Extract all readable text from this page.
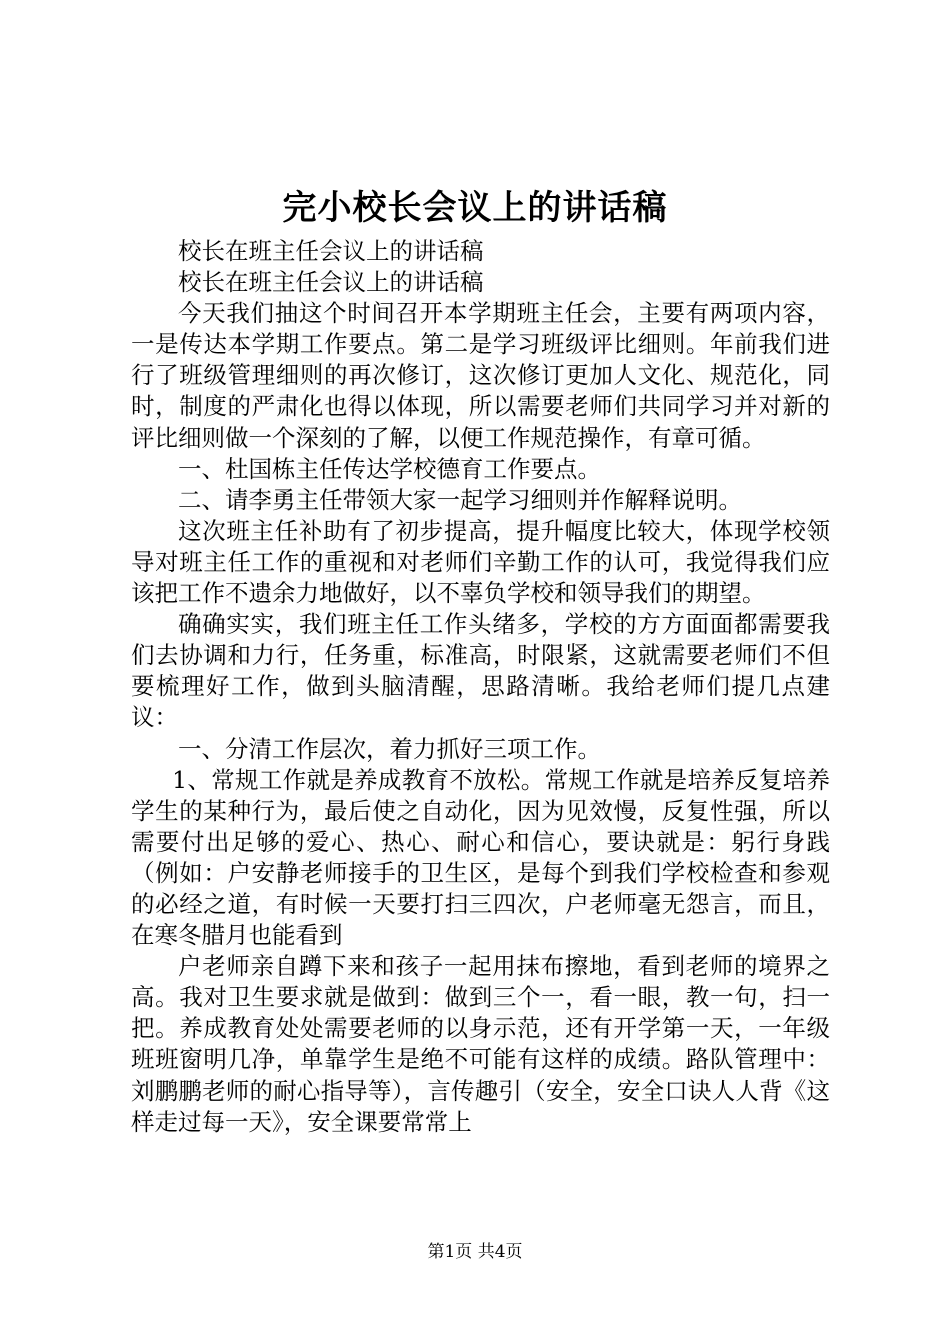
完小校长会议上的讲话稿

校长在班主任会议上的讲话稿

校长在班主任会议上的讲话稿

今天我们抽这个时间召开本学期班主任会，主要有两项内容，一是传达本学期工作要点。第二是学习班级评比细则。年前我们进行了班级管理细则的再次修订，这次修订更加人文化、规范化，同时，制度的严肃化也得以体现，所以需要老师们共同学习并对新的评比细则做一个深刻的了解，以便工作规范操作，有章可循。

一、杜国栋主任传达学校德育工作要点。

二、请李勇主任带领大家一起学习细则并作解释说明。

这次班主任补助有了初步提高，提升幅度比较大，体现学校领导对班主任工作的重视和对老师们辛勤工作的认可，我觉得我们应该把工作不遗余力地做好，以不辜负学校和领导我们的期望。

确确实实，我们班主任工作头绪多，学校的方方面面都需要我们去协调和力行，任务重，标准高，时限紧，这就需要老师们不但要梳理好工作，做到头脑清醒，思路清晰。我给老师们提几点建议：

一、分清工作层次，着力抓好三项工作。

1、常规工作就是养成教育不放松。常规工作就是培养反复培养学生的某种行为，最后使之自动化，因为见效慢，反复性强，所以需要付出足够的爱心、热心、耐心和信心，要诀就是：躬行身践（例如：户安静老师接手的卫生区，是每个到我们学校检查和参观的必经之道，有时候一天要打扫三四次，户老师毫无怨言，而且，在寒冬腊月也能看到

户老师亲自蹲下来和孩子一起用抹布擦地，看到老师的境界之高。我对卫生要求就是做到：做到三个一，看一眼，教一句，扫一把。养成教育处处需要老师的以身示范，还有开学第一天，一年级班班窗明几净，单靠学生是绝不可能有这样的成绩。路队管理中：刘鹏鹏老师的耐心指导等），言传趣引（安全，安全口诀人人背《这样走过每一天》，安全课要常常上

第1页 共4页
